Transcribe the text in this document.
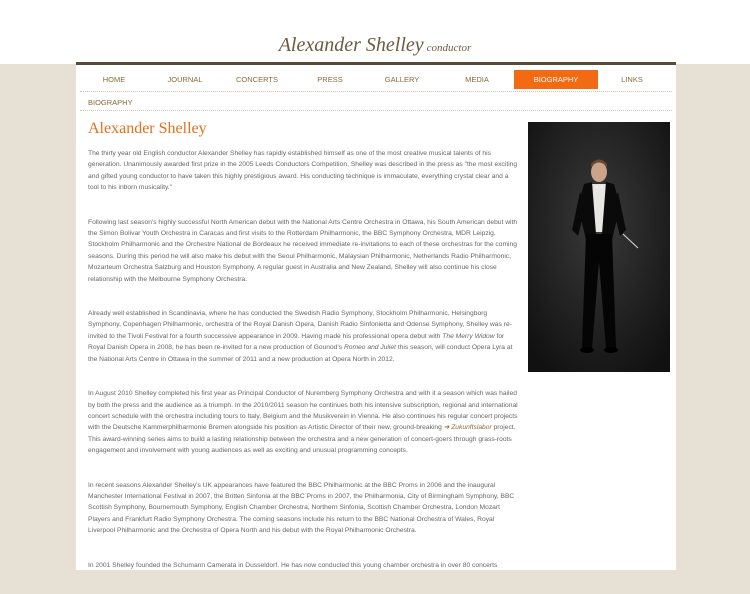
Alexander Shelley conductor
HOME	JOURNAL	CONCERTS	PRESS	GALLERY	MEDIA	BIOGRAPHY	LINKS
BIOGRAPHY
Alexander Shelley

The thirty year old English conductor Alexander Shelley has rapidly established himself as one of the most creative musical talents of his generation. Unanimously awarded first prize in the 2005 Leeds Conductors Competition, Shelley was described in the press as "the most exciting and gifted young conductor to have taken this highly prestigious award. His conducting technique is immaculate, everything crystal clear and a tool to his inborn musicality."

Following last season's highly successful North American debut with the National Arts Centre Orchestra in Ottawa, his South American debut with the Simon Bolivar Youth Orchestra in Caracas and first visits to the Rotterdam Philharmonic, the BBC Symphony Orchestra, MDR Leipzig, Stockholm Philharmonic and the Orchestre National de Bordeaux he received immediate re-invitations to each of these orchestras for the coming seasons. During this period he will also make his debut with the Seoul Philharmonic, Malaysian Philharmonic, Netherlands Radio Philharmonic, Mozarteum Orchestra Salzburg and Houston Symphony. A regular guest in Australia and New Zealand, Shelley will also continue his close relationship with the Melbourne Symphony Orchestra.

Already well established in Scandinavia, where he has conducted the Swedish Radio Symphony, Stockholm Philharmonic, Helsingborg Symphony, Copenhagen Philharmonic, orchestra of the Royal Danish Opera, Danish Radio Sinfonietta and Odense Symphony, Shelley was re-invited to the Tivoli Festival for a fourth successive appearance in 2009. Having made his professional opera debut with The Merry Widow for Royal Danish Opera in 2008, he has been re-invited for a new production of Gounod's Romeo and Juliet this season, will conduct Opera Lyra at the National Arts Centre in Ottawa in the summer of 2011 and a new production at Opera North in 2012.

In August 2010 Shelley completed his first year as Principal Conductor of Nuremberg Symphony Orchestra and with it a season which was hailed by both the press and the audience as a triumph. In the 2010/2011 season he continues both his intensive subscription, regional and international concert schedule with the orchestra including tours to Italy, Belgium and the Musikverein in Vienna. He also continues his regular concert projects with the Deutsche Kammerphilharmonie Bremen alongside his position as Artistic Director of their new, ground-breaking ➜ Zukunftslabor project. This award-winning series aims to build a lasting relationship between the orchestra and a new generation of concert-goers through grass-roots engagement and involvement with young audiences as well as exciting and unusual programming concepts.

In recent seasons Alexander Shelley's UK appearances have featured the BBC Philharmonic at the BBC Proms in 2006 and the inaugural Manchester International Festival in 2007, the Britten Sinfonia at the BBC Proms in 2007, the Philharmonia, City of Birmingham Symphony, BBC Scottish Symphony, Bournemouth Symphony, English Chamber Orchestra, Northern Sinfonia, Scottish Chamber Orchestra, London Mozart Players and Frankfurt Radio Symphony Orchestra. The coming seasons include his return to the BBC National Orchestra of Wales, Royal Liverpool Philharmonic and the Orchestra of Opera North and his debut with the Royal Philharmonic Orchestra.

In 2001 Shelley founded the Schumann Camerata in Dusseldorf. He has now conducted this young chamber orchestra in over 80 concerts
